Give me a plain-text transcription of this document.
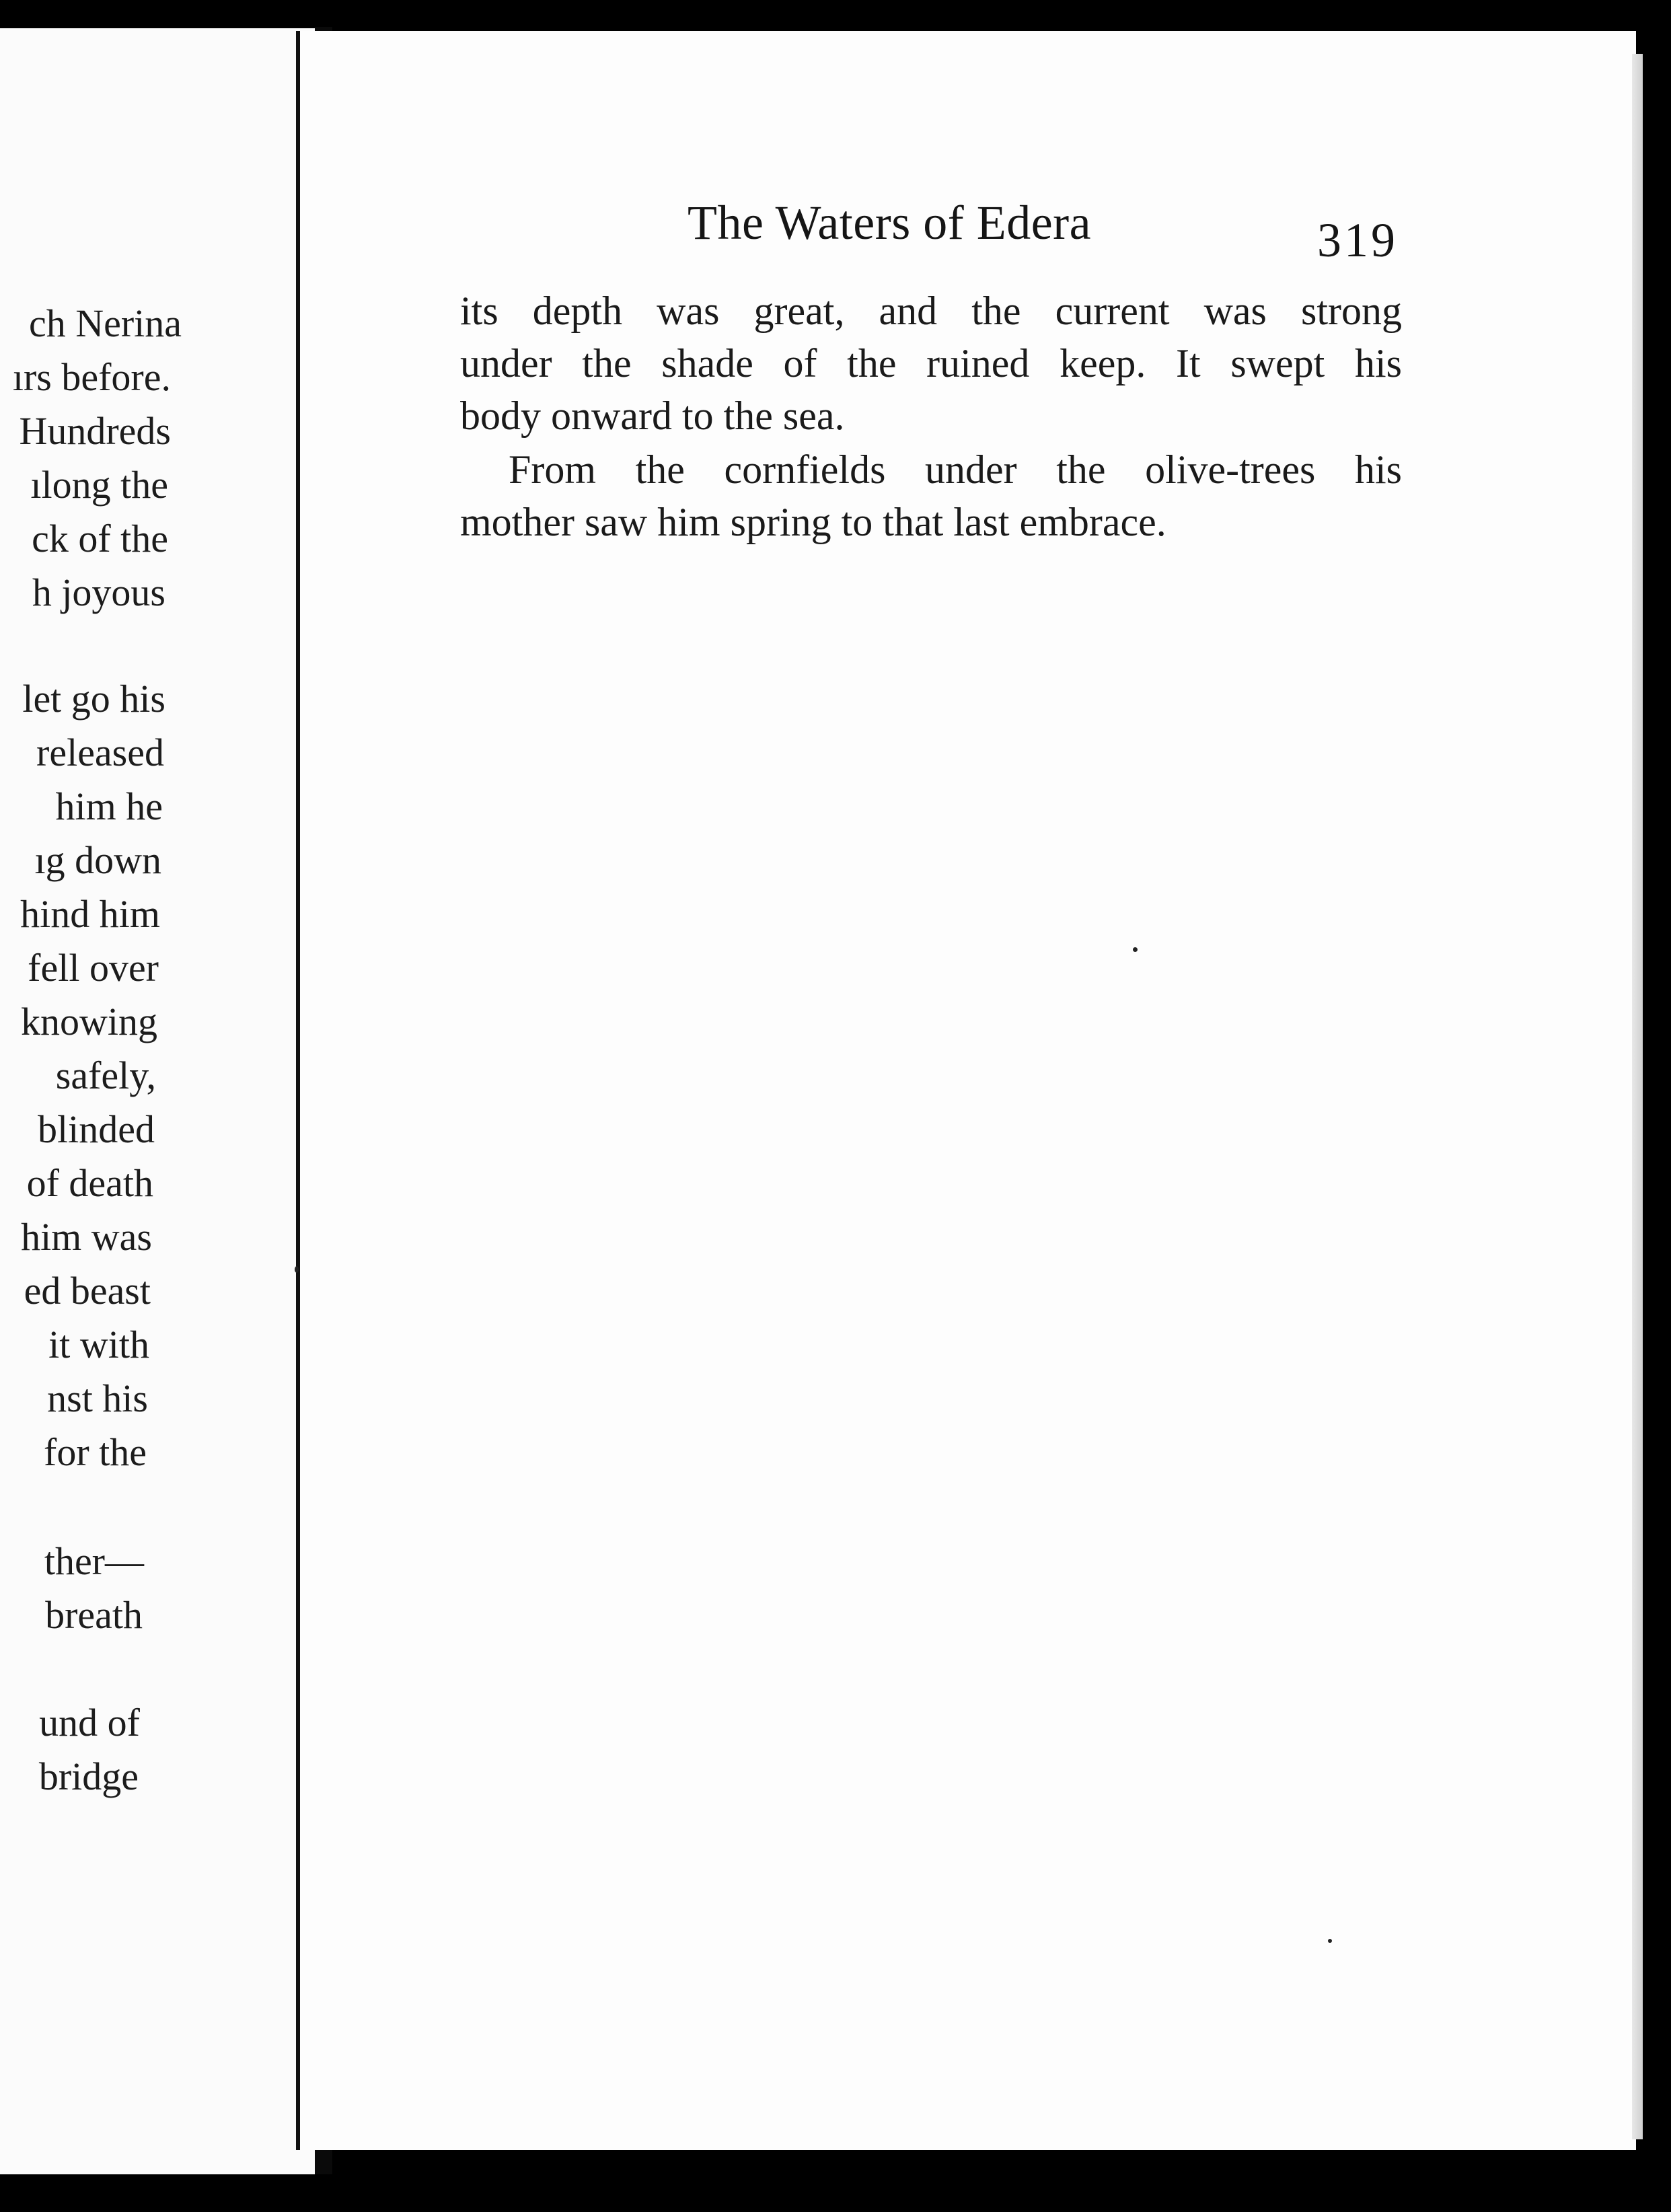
ch Nerina
ırs before.
Hundreds
ılong the
ck of the
h joyous
let go his
released
him he
ıg down
hind him
fell over
knowing
safely,
blinded
of death
him was
ed beast
it with
nst his
for the
ther—
breath
und of
bridge
The Waters of Edera	319
its depth was great, and the current was strong
under the shade of the ruined keep. It swept his
body onward to the sea.
From the cornfields under the olive-trees his
mother saw him spring to that last embrace.
